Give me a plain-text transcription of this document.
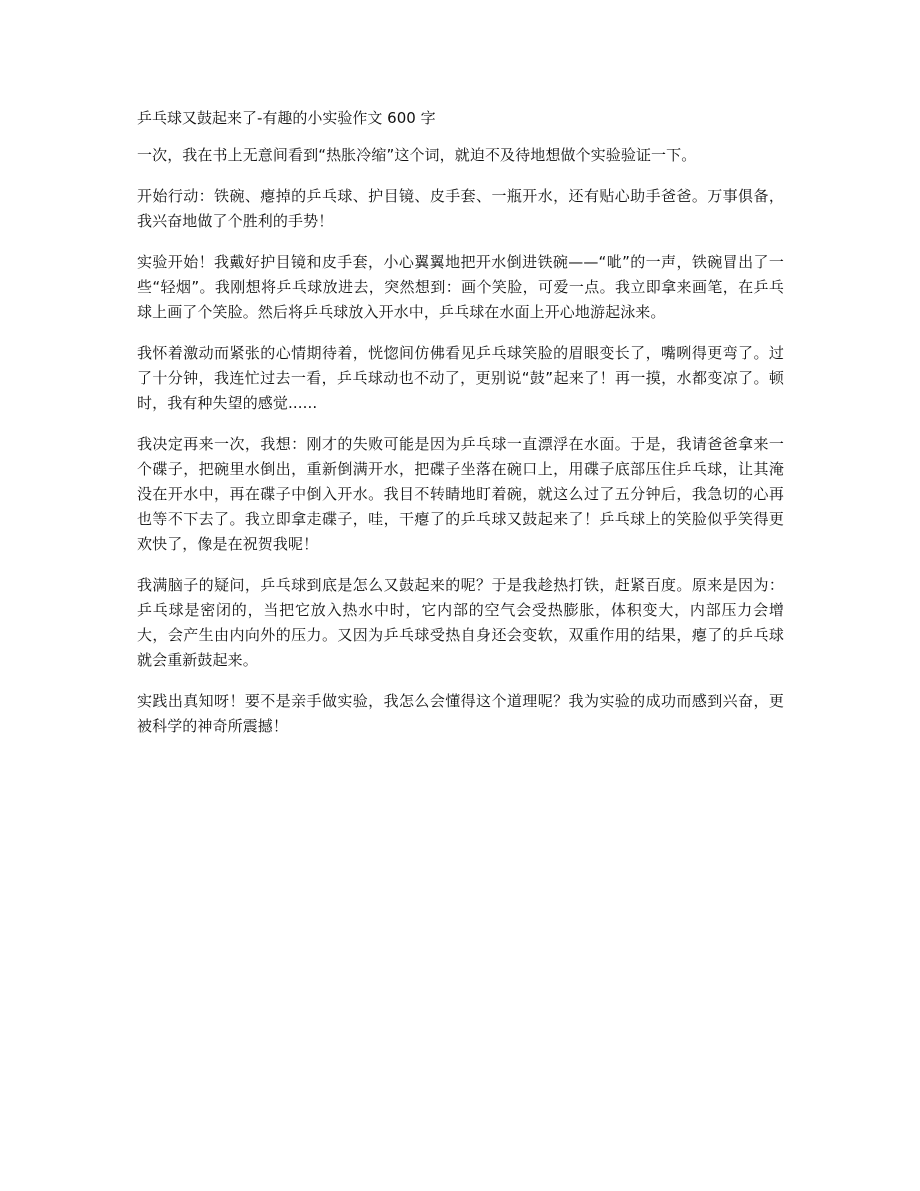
乒乓球又鼓起来了-有趣的小实验作文 600 字

一次，我在书上无意间看到“热胀冷缩”这个词，就迫不及待地想做个实验验证一下。

开始行动：铁碗、瘪掉的乒乓球、护目镜、皮手套、一瓶开水，还有贴心助手爸爸。万事俱备，我兴奋地做了个胜利的手势！

实验开始！我戴好护目镜和皮手套，小心翼翼地把开水倒进铁碗——“呲”的一声，铁碗冒出了一些“轻烟”。我刚想将乒乓球放进去，突然想到：画个笑脸，可爱一点。我立即拿来画笔，在乒乓球上画了个笑脸。然后将乒乓球放入开水中，乒乓球在水面上开心地游起泳来。

我怀着激动而紧张的心情期待着，恍惚间仿佛看见乒乓球笑脸的眉眼变长了，嘴咧得更弯了。过了十分钟，我连忙过去一看，乒乓球动也不动了，更别说“鼓”起来了！再一摸，水都变凉了。顿时，我有种失望的感觉......

我决定再来一次，我想：刚才的失败可能是因为乒乓球一直漂浮在水面。于是，我请爸爸拿来一个碟子，把碗里水倒出，重新倒满开水，把碟子坐落在碗口上，用碟子底部压住乒乓球，让其淹没在开水中，再在碟子中倒入开水。我目不转睛地盯着碗，就这么过了五分钟后，我急切的心再也等不下去了。我立即拿走碟子，哇，干瘪了的乒乓球又鼓起来了！乒乓球上的笑脸似乎笑得更欢快了，像是在祝贺我呢！

我满脑子的疑问，乒乓球到底是怎么又鼓起来的呢？于是我趁热打铁，赶紧百度。原来是因为：乒乓球是密闭的，当把它放入热水中时，它内部的空气会受热膨胀，体积变大，内部压力会增大，会产生由内向外的压力。又因为乒乓球受热自身还会变软，双重作用的结果，瘪了的乒乓球就会重新鼓起来。

实践出真知呀！要不是亲手做实验，我怎么会懂得这个道理呢？我为实验的成功而感到兴奋，更被科学的神奇所震撼！
